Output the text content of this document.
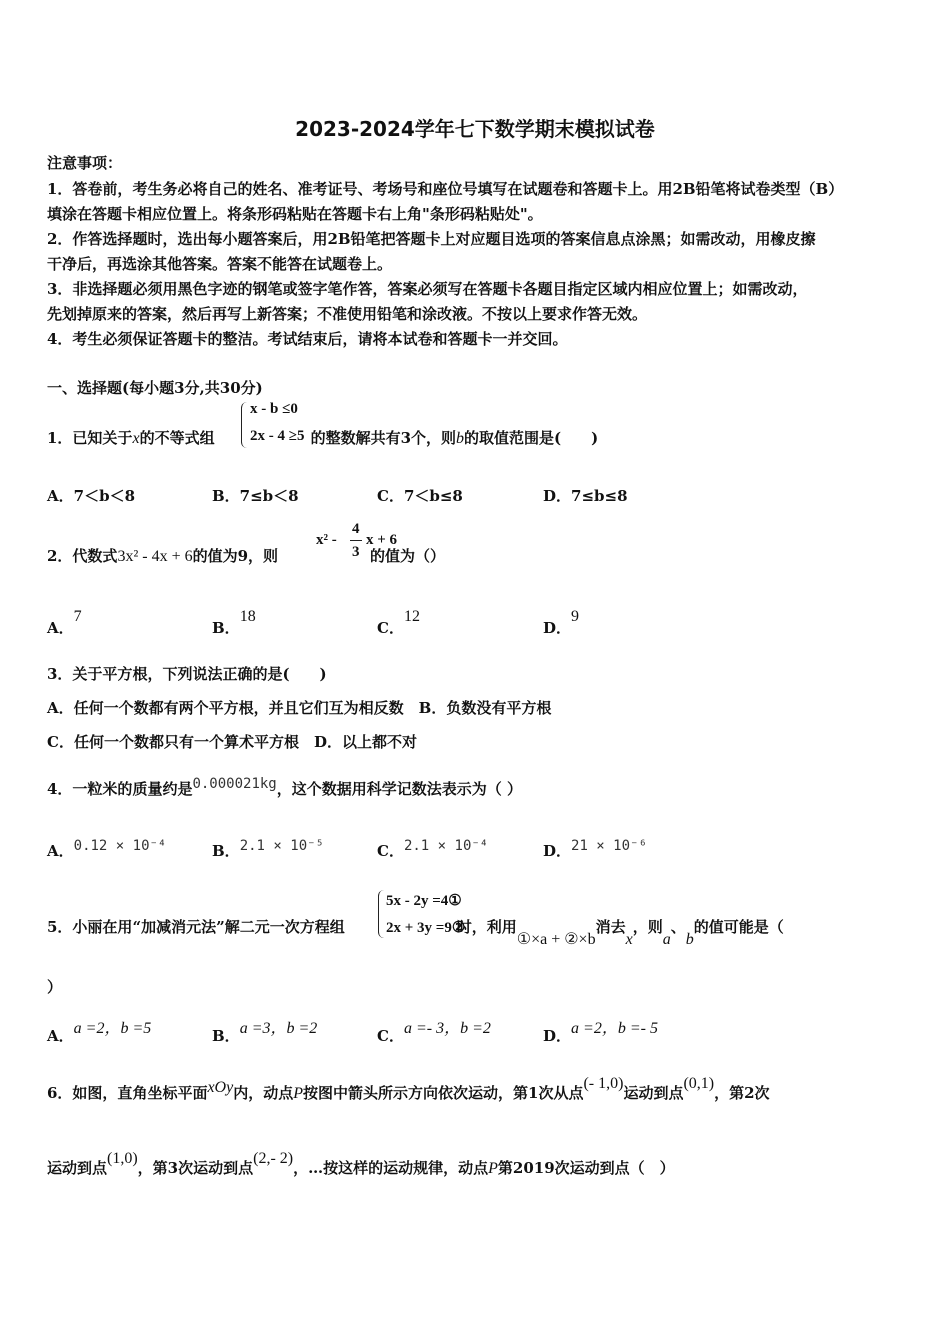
2023-2024学年七下数学期末模拟试卷
注意事项：
1．答卷前，考生务必将自己的姓名、准考证号、考场号和座位号填写在试题卷和答题卡上。用2B铅笔将试卷类型（B）
填涂在答题卡相应位置上。将条形码粘贴在答题卡右上角"条形码粘贴处"。
2．作答选择题时，选出每小题答案后，用2B铅笔把答题卡上对应题目选项的答案信息点涂黑；如需改动，用橡皮擦
干净后，再选涂其他答案。答案不能答在试题卷上。
3．非选择题必须用黑色字迹的钢笔或签字笔作答，答案必须写在答题卡各题目指定区域内相应位置上；如需改动，
先划掉原来的答案，然后再写上新答案；不准使用铅笔和涂改液。不按以上要求作答无效。
4．考生必须保证答题卡的整洁。考试结束后，请将本试卷和答题卡一并交回。
一、选择题(每小题3分,共30分)
1．已知关于x的不等式组	的整数解共有3个，则b的取值范围是(　　)
x - b ≤0
2x - 4 ≥5
A．7＜b＜8	B．7≤b＜8	C．7＜b≤8	D．7≤b≤8
2．代数式3x² - 4x + 6的值为9，则	的值为（）
x² -
4
3
x + 6
A．7
B．18
C．12
D．9
3．关于平方根，下列说法正确的是(　　)
A．任何一个数都有两个平方根，并且它们互为相反数　B．负数没有平方根
C．任何一个数都只有一个算术平方根　D．以上都不对
4．一粒米的质量约是0.000021kg，这个数据用科学记数法表示为（ ）
A．0.12 × 10⁻⁴	B．2.1 × 10⁻⁵	C．2.1 × 10⁻⁴	D．21 × 10⁻⁶
5．小丽在用“加减消元法”解二元一次方程组	时，利用①×a + ②×b消去x，则a、b的值可能是（
5x - 2y =4①
2x + 3y =9②
）
A．a =2，b =5	B．a =3，b =2	C．a =- 3，b =2	D．a =2，b =- 5
6．如图，直角坐标平面xOy内，动点P按图中箭头所示方向依次运动，第1次从点(- 1,0)运动到点(0,1)，第2次
运动到点(1,0)，第3次运动到点(2,- 2)，…按这样的运动规律，动点P第2019次运动到点（　）
